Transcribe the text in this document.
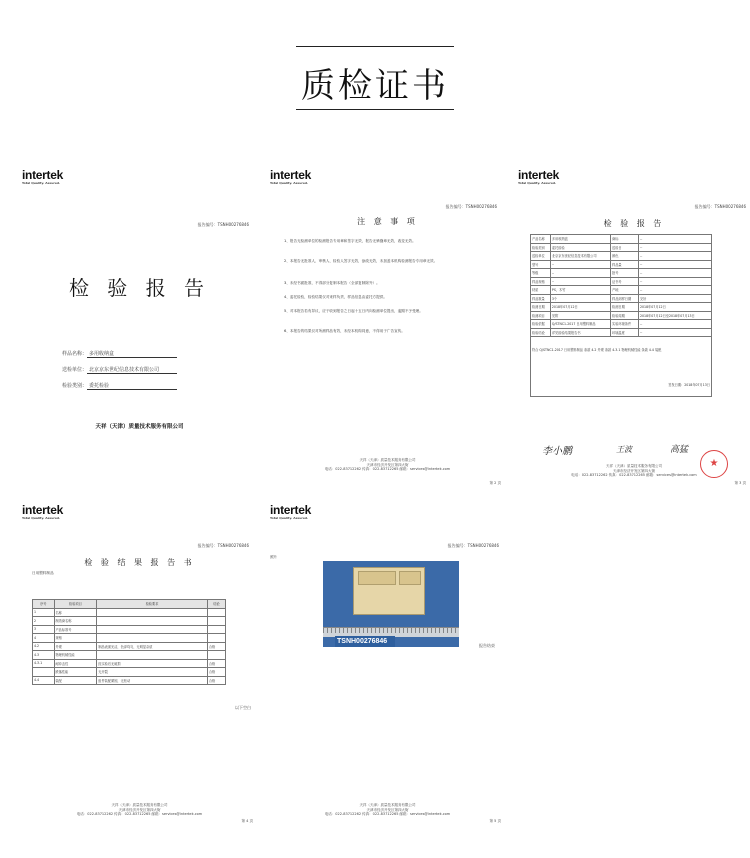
质检证书
intertek
Total Quality. Assured.
报告编号：TSNH00276846
检 验 报 告
样品名称： 多用收纳盒
送检单位： 北京京东世纪信息技术有限公司
检验类别： 委托检验
天祥（天津）质量技术服务有限公司
intertek
Total Quality. Assured.
报告编号：TSNH00276846
注 意 事 项
1、报告无检测单位的检测报告专用章和签字无效，报告无骑缝章无效，改变无效。
2、本报告无批准人、审核人、检验人签字无效，涂改无效，未加盖本机构检测报告专用章无效。
3、未经书面批准，不得部分复制本报告（全部复制除外）。
4、委托检验，检验结果仅对来样负责，样品信息由委托方提供。
5、对本报告若有异议，应于收到报告之日起十五日内向检测单位提出，逾期不予受理。
6、本报告的结果仅对所测样品有效，未经本机构同意，不得用于广告宣传。
天祥（天津）质量技术服务有限公司
天津市经济开发区第四大街
电话：022-83712262 传真：022-83712265 邮箱：services@intertek.com
第 2 页
intertek
Total Quality. Assured.
报告编号：TSNH00276846
检 验 报 告
产品名称	多用收纳盒	商标	--
检验类别	委托检验	送检日	--
送检单位	北京京东世纪信息技术有限公司	颜色	--
型号	--	样品量	--
等级	--	批号	--
样品规格	--	证书号	--
材质	PS，木竹	产地	--
样品数量	3个	样品到样日期	完好
检测日期	2018年07月12日	检测日期	2018年07月12日
检测项目	见附	检验周期	2018年07月12日至2018年07月13日
检验依据	Q/STNC1-2017 日用塑料制品	实验环境条件	--
检验结论	详见检验结果报告书	环境温度	--

符合 Q/STNC1-2017 日用塑料制品 条款 4.2 外观 条款 4.3.1 物理机械性能 条款 4.4 装配
签发日期：2018年07月13日			
李小鹏	王波	高猛
★
天祥（天津）质量技术服务有限公司
天津市经济开发区第四大街
电话：022-83712262 传真：022-83712265 邮箱：services@intertek.com
第 3 页
intertek
Total Quality. Assured.
报告编号：TSNH00276846
检 验 结 果 报 告 书
日用塑料制品
序号	检验项目	检验要求	结论
1	名称		
2	制造商名称		
3	产品标准号		
4	规格		
4.2	外观	制品表面光洁，色泽均匀，无明显杂质	合格
4.3	物理机械性能		
4.3.1	耐冲击性	经实验后无破损	合格
	跌落性能	无开裂	合格
4.4	装配	组件装配紧固，无松动	合格
以下空白
天祥（天津）质量技术服务有限公司
天津市经济开发区第四大街
电话：022-83712262 传真：022-83712265 邮箱：services@intertek.com
第 4 页
intertek
Total Quality. Assured.
报告编号：TSNH00276846
照片
TSNH00276846
报告结束
天祥（天津）质量技术服务有限公司
天津市经济开发区第四大街
电话：022-83712262 传真：022-83712265 邮箱：services@intertek.com
第 5 页
